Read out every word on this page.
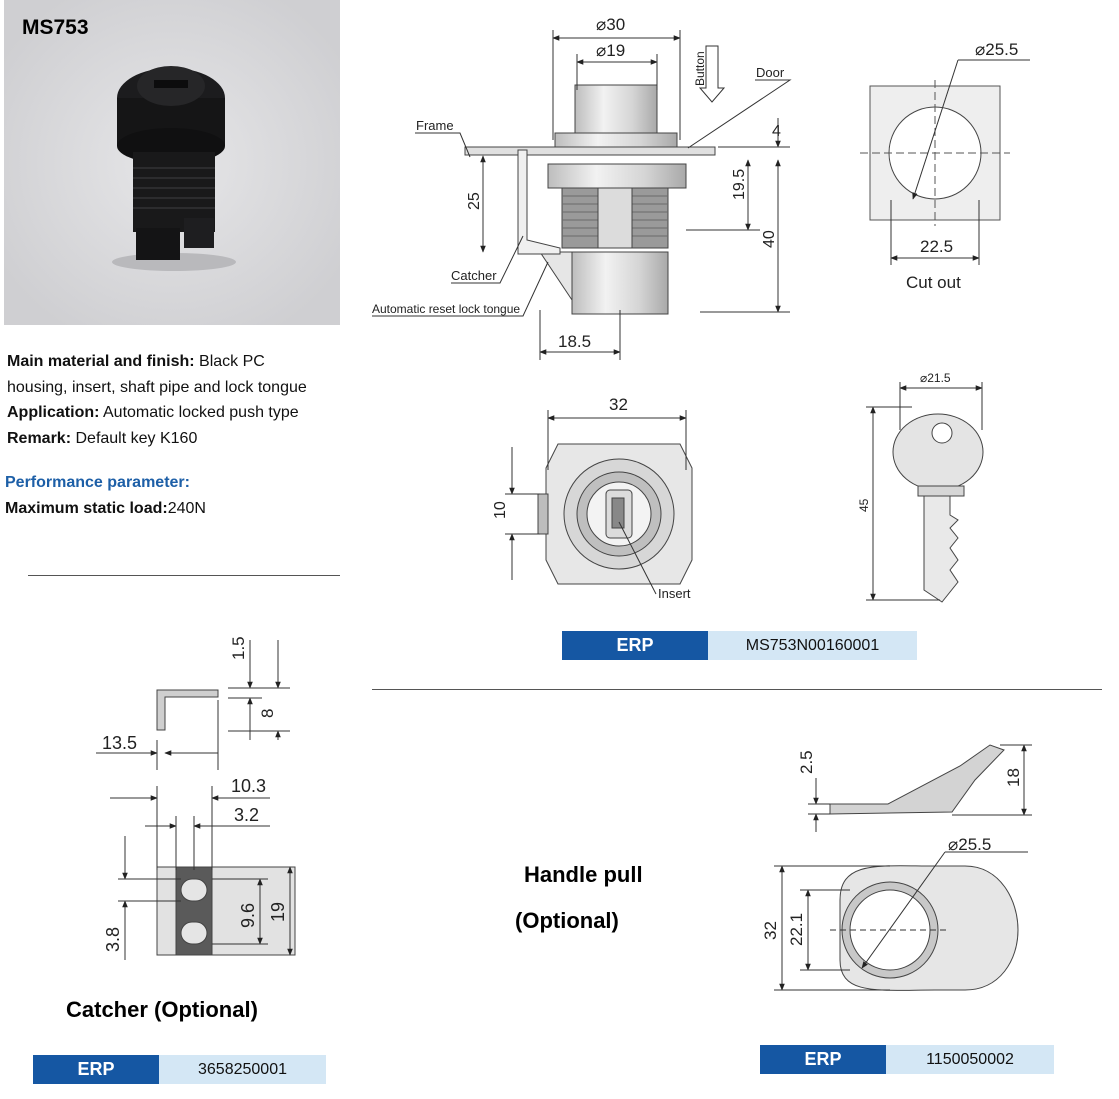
MS753
Main material and finish: Black PC
housing, insert, shaft pipe and lock tongue
Application: Automatic locked push type
Remark: Default key K160
Performance parameter:
Maximum static load:240N
⌀30
⌀19
4
19.5
40
25
18.5
Button	Door
Frame
Catcher
Automatic reset lock tongue
⌀25.5
22.5
Cut out
32
10
Insert
⌀21.5
45
1.5
8
13.5
10.3
3.2
3.8
9.6 19
2.5
18
⌀25.5
32 22.1
ERP	MS753N00160001
Catcher (Optional)
ERP	3658250001
Handle pull
(Optional)
ERP	1150050002
